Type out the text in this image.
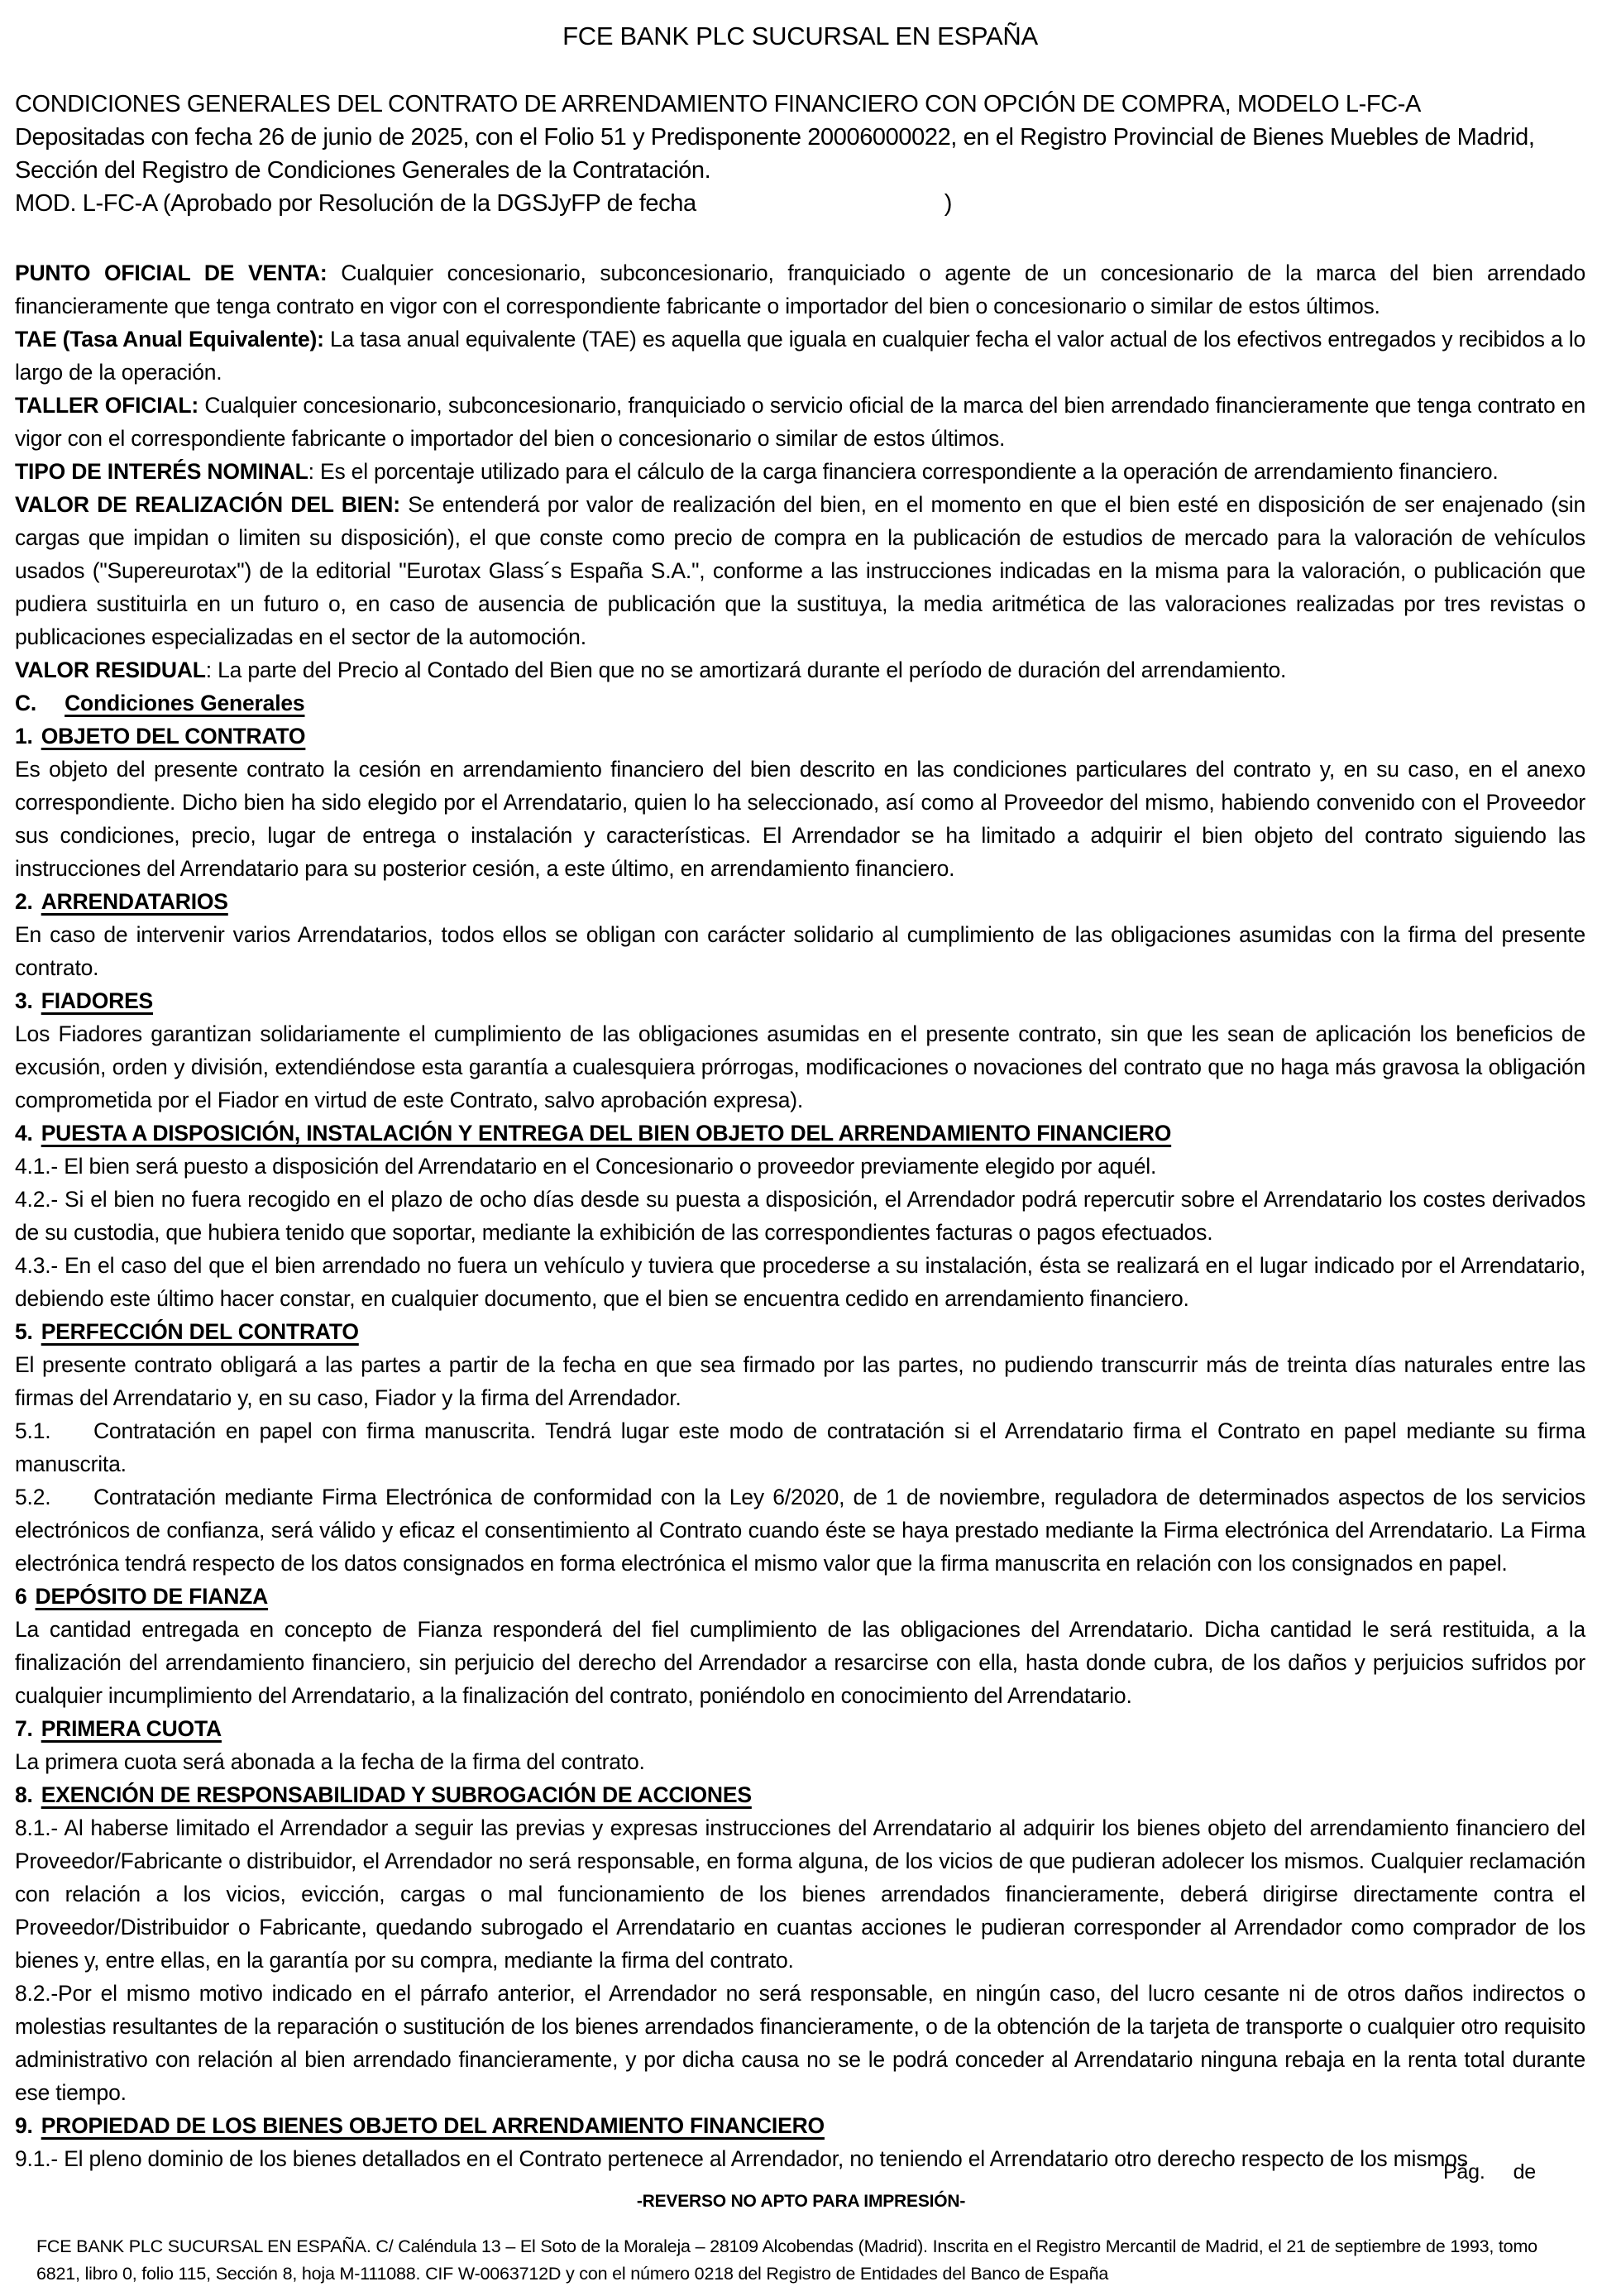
FCE BANK PLC SUCURSAL EN ESPAÑA

CONDICIONES GENERALES DEL CONTRATO DE ARRENDAMIENTO FINANCIERO CON OPCIÓN DE COMPRA, MODELO L-FC-A

Depositadas con fecha 26 de junio de 2025, con el Folio 51 y Predisponente 20006000022, en el Registro Provincial de Bienes Muebles de Madrid, Sección del Registro de Condiciones Generales de la Contratación.

MOD. L-FC-A (Aprobado por Resolución de la DGSJyFP de fecha	)

PUNTO OFICIAL DE VENTA: Cualquier concesionario, subconcesionario, franquiciado o agente de un concesionario de la marca del bien arrendado financieramente que tenga contrato en vigor con el correspondiente fabricante o importador del bien o concesionario o similar de estos últimos.

TAE (Tasa Anual Equivalente): La tasa anual equivalente (TAE) es aquella que iguala en cualquier fecha el valor actual de los efectivos entregados y recibidos a lo largo de la operación.

TALLER OFICIAL: Cualquier concesionario, subconcesionario, franquiciado o servicio oficial de la marca del bien arrendado financieramente que tenga contrato en vigor con el correspondiente fabricante o importador del bien o concesionario o similar de estos últimos.

TIPO DE INTERÉS NOMINAL: Es el porcentaje utilizado para el cálculo de la carga financiera correspondiente a la operación de arrendamiento financiero.

VALOR DE REALIZACIÓN DEL BIEN: Se entenderá por valor de realización del bien, en el momento en que el bien esté en disposición de ser enajenado (sin cargas que impidan o limiten su disposición), el que conste como precio de compra en la publicación de estudios de mercado para la valoración de vehículos usados ("Supereurotax") de la editorial "Eurotax Glass´s España S.A.", conforme a las instrucciones indicadas en la misma para la valoración, o publicación que pudiera sustituirla en un futuro o, en caso de ausencia de publicación que la sustituya, la media aritmética de las valoraciones realizadas por tres revistas o publicaciones especializadas en el sector de la automoción.

VALOR RESIDUAL: La parte del Precio al Contado del Bien que no se amortizará durante el período de duración del arrendamiento.

C. Condiciones Generales

1. OBJETO DEL CONTRATO

Es objeto del presente contrato la cesión en arrendamiento financiero del bien descrito en las condiciones particulares del contrato y, en su caso, en el anexo correspondiente. Dicho bien ha sido elegido por el Arrendatario, quien lo ha seleccionado, así como al Proveedor del mismo, habiendo convenido con el Proveedor sus condiciones, precio, lugar de entrega o instalación y características. El Arrendador se ha limitado a adquirir el bien objeto del contrato siguiendo las instrucciones del Arrendatario para su posterior cesión, a este último, en arrendamiento financiero.

2. ARRENDATARIOS

En caso de intervenir varios Arrendatarios, todos ellos se obligan con carácter solidario al cumplimiento de las obligaciones asumidas con la firma del presente contrato.

3. FIADORES

Los Fiadores garantizan solidariamente el cumplimiento de las obligaciones asumidas en el presente contrato, sin que les sean de aplicación los beneficios de excusión, orden y división, extendiéndose esta garantía a cualesquiera prórrogas, modificaciones o novaciones del contrato que no haga más gravosa la obligación comprometida por el Fiador en virtud de este Contrato, salvo aprobación expresa).

4. PUESTA A DISPOSICIÓN, INSTALACIÓN Y ENTREGA DEL BIEN OBJETO DEL ARRENDAMIENTO FINANCIERO

4.1.- El bien será puesto a disposición del Arrendatario en el Concesionario o proveedor previamente elegido por aquél.

4.2.- Si el bien no fuera recogido en el plazo de ocho días desde su puesta a disposición, el Arrendador podrá repercutir sobre el Arrendatario los costes derivados de su custodia, que hubiera tenido que soportar, mediante la exhibición de las correspondientes facturas o pagos efectuados.

4.3.- En el caso del que el bien arrendado no fuera un vehículo y tuviera que procederse a su instalación, ésta se realizará en el lugar indicado por el Arrendatario, debiendo este último hacer constar, en cualquier documento, que el bien se encuentra cedido en arrendamiento financiero.

5. PERFECCIÓN DEL CONTRATO

El presente contrato obligará a las partes a partir de la fecha en que sea firmado por las partes, no pudiendo transcurrir más de treinta días naturales entre las firmas del Arrendatario y, en su caso, Fiador y la firma del Arrendador.

5.1. Contratación en papel con firma manuscrita. Tendrá lugar este modo de contratación si el Arrendatario firma el Contrato en papel mediante su firma manuscrita.

5.2. Contratación mediante Firma Electrónica de conformidad con la Ley 6/2020, de 1 de noviembre, reguladora de determinados aspectos de los servicios electrónicos de confianza, será válido y eficaz el consentimiento al Contrato cuando éste se haya prestado mediante la Firma electrónica del Arrendatario. La Firma electrónica tendrá respecto de los datos consignados en forma electrónica el mismo valor que la firma manuscrita en relación con los consignados en papel.

6 DEPÓSITO DE FIANZA

La cantidad entregada en concepto de Fianza responderá del fiel cumplimiento de las obligaciones del Arrendatario. Dicha cantidad le será restituida, a la finalización del arrendamiento financiero, sin perjuicio del derecho del Arrendador a resarcirse con ella, hasta donde cubra, de los daños y perjuicios sufridos por cualquier incumplimiento del Arrendatario, a la finalización del contrato, poniéndolo en conocimiento del Arrendatario.

7. PRIMERA CUOTA

La primera cuota será abonada a la fecha de la firma del contrato.

8. EXENCIÓN DE RESPONSABILIDAD Y SUBROGACIÓN DE ACCIONES

8.1.- Al haberse limitado el Arrendador a seguir las previas y expresas instrucciones del Arrendatario al adquirir los bienes objeto del arrendamiento financiero del Proveedor/Fabricante o distribuidor, el Arrendador no será responsable, en forma alguna, de los vicios de que pudieran adolecer los mismos. Cualquier reclamación con relación a los vicios, evicción, cargas o mal funcionamiento de los bienes arrendados financieramente, deberá dirigirse directamente contra el Proveedor/Distribuidor o Fabricante, quedando subrogado el Arrendatario en cuantas acciones le pudieran corresponder al Arrendador como comprador de los bienes y, entre ellas, en la garantía por su compra, mediante la firma del contrato.

8.2.-Por el mismo motivo indicado en el párrafo anterior, el Arrendador no será responsable, en ningún caso, del lucro cesante ni de otros daños indirectos o molestias resultantes de la reparación o sustitución de los bienes arrendados financieramente, o de la obtención de la tarjeta de transporte o cualquier otro requisito administrativo con relación al bien arrendado financieramente, y por dicha causa no se le podrá conceder al Arrendatario ninguna rebaja en la renta total durante ese tiempo.

9. PROPIEDAD DE LOS BIENES OBJETO DEL ARRENDAMIENTO FINANCIERO

9.1.- El pleno dominio de los bienes detallados en el Contrato pertenece al Arrendador, no teniendo el Arrendatario otro derecho respecto de los mismos

Pág. de
-REVERSO NO APTO PARA IMPRESIÓN-
FCE BANK PLC SUCURSAL EN ESPAÑA. C/ Caléndula 13 – El Soto de la Moraleja – 28109 Alcobendas (Madrid). Inscrita en el Registro Mercantil de Madrid, el 21 de septiembre de 1993, tomo 6821, libro 0, folio 115, Sección 8, hoja M-111088. CIF W-0063712D y con el número 0218 del Registro de Entidades del Banco de España
